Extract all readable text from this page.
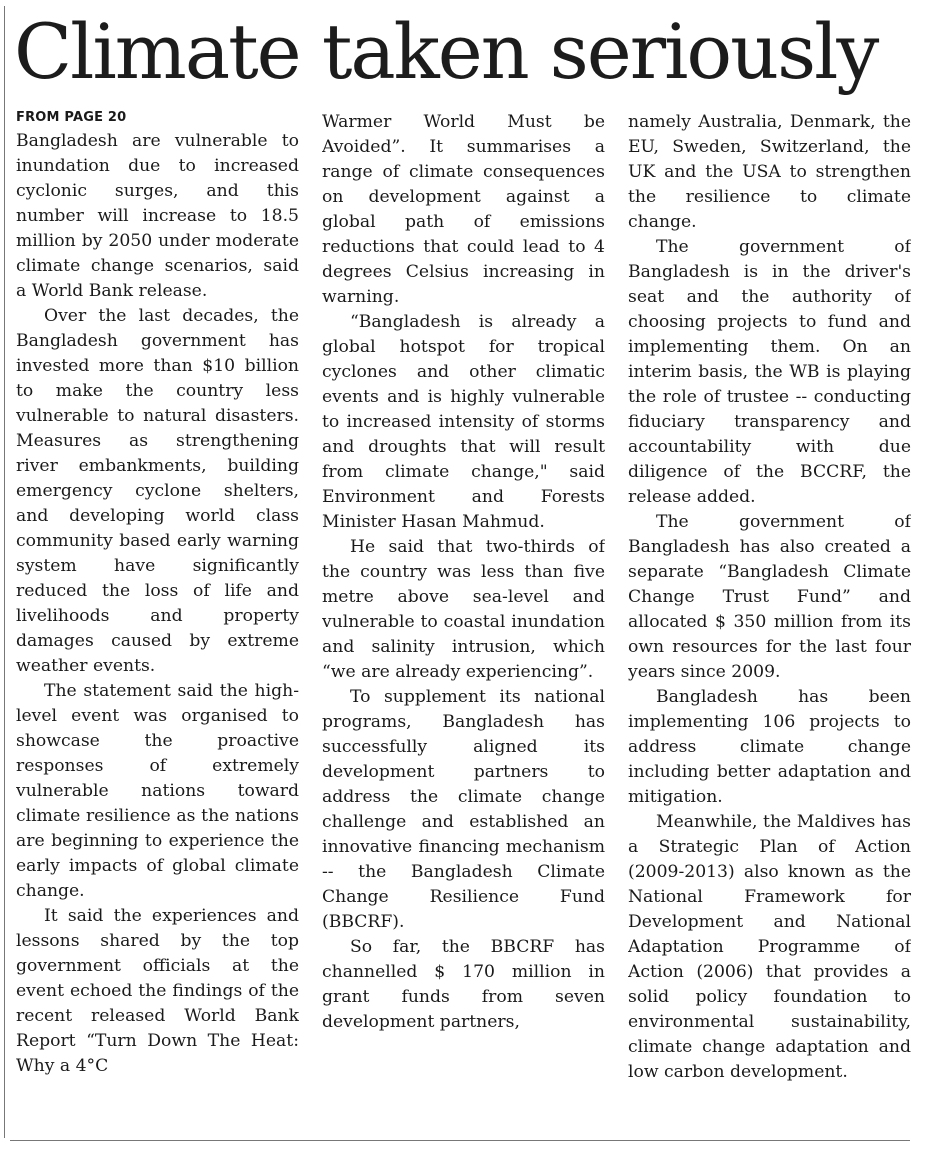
Climate taken seriously
FROM PAGE 20

Bangladesh are vulnerable to inundation due to increased cyclonic surges, and this number will increase to 18.5 million by 2050 under moderate climate change scenarios, said a World Bank release.

Over the last decades, the Bangladesh government has invested more than $10 billion to make the country less vulnerable to natural disasters. Measures as strengthening river embankments, building emergency cyclone shelters, and developing world class community based early warning system have significantly reduced the loss of life and livelihoods and property damages caused by extreme weather events.

The statement said the high-level event was organised to showcase the proactive responses of extremely vulnerable nations toward climate resilience as the nations are beginning to experience the early impacts of global climate change.

It said the experiences and lessons shared by the top government officials at the event echoed the findings of the recent released World Bank Report “Turn Down The Heat: Why a 4°C

Warmer World Must be Avoided”. It summarises a range of climate consequences on development against a global path of emissions reductions that could lead to 4 degrees Celsius increasing in warning.

“Bangladesh is already a global hotspot for tropical cyclones and other climatic events and is highly vulnerable to increased intensity of storms and droughts that will result from climate change," said Environment and Forests Minister Hasan Mahmud.

He said that two-thirds of the country was less than five metre above sea-level and vulnerable to coastal inundation and salinity intrusion, which “we are already experiencing”.

To supplement its national programs, Bangladesh has successfully aligned its development partners to address the climate change challenge and established an innovative financing mechanism -- the Bangladesh Climate Change Resilience Fund (BBCRF).

So far, the BBCRF has channelled $ 170 million in grant funds from seven development partners,

namely Australia, Denmark, the EU, Sweden, Switzerland, the UK and the USA to strengthen the resilience to climate change.

The government of Bangladesh is in the driver's seat and the authority of choosing projects to fund and implementing them. On an interim basis, the WB is playing the role of trustee -- conducting fiduciary transparency and accountability with due diligence of the BCCRF, the release added.

The government of Bangladesh has also created a separate “Bangladesh Climate Change Trust Fund” and allocated $ 350 million from its own resources for the last four years since 2009.

Bangladesh has been implementing 106 projects to address climate change including better adaptation and mitigation.

Meanwhile, the Maldives has a Strategic Plan of Action (2009-2013) also known as the National Framework for Development and National Adaptation Programme of Action (2006) that provides a solid policy foundation to environmental sustainability, climate change adaptation and low carbon development.
